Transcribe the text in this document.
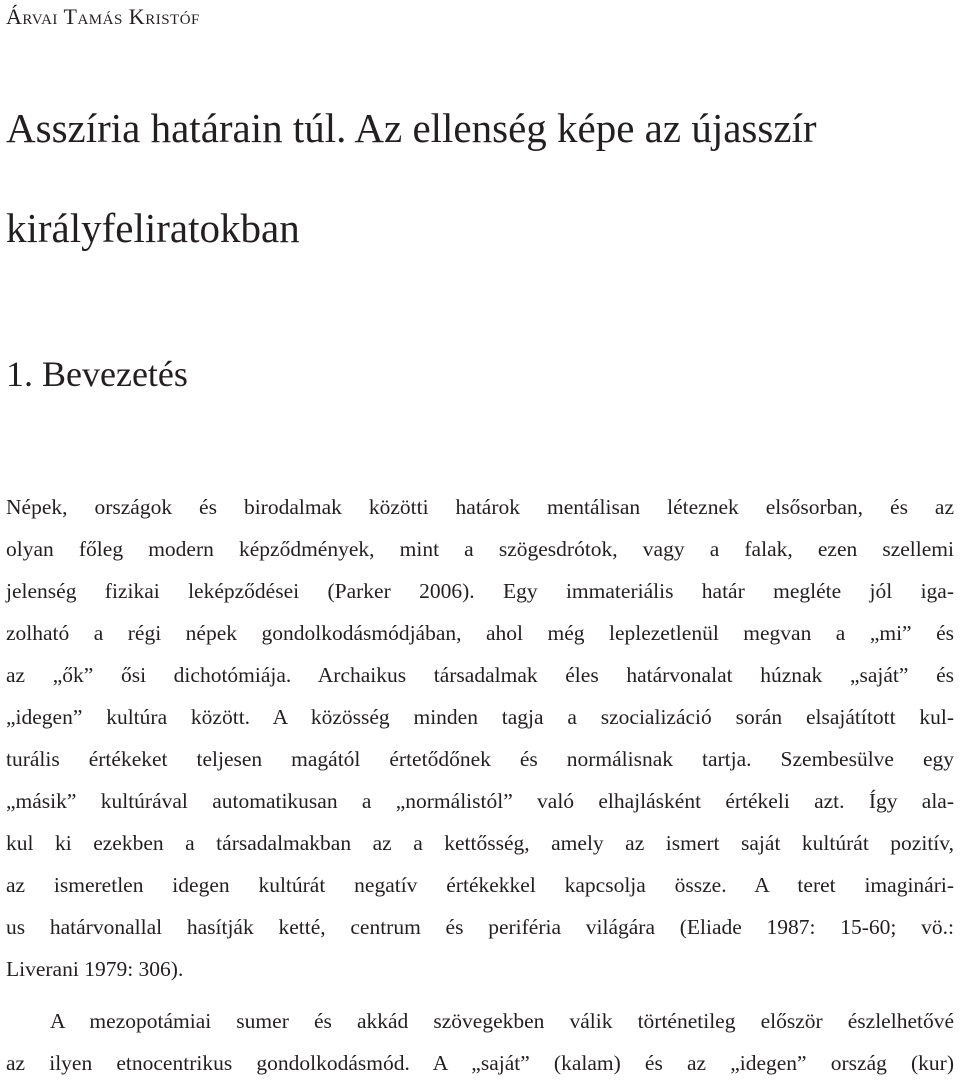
Árvai Tamás Kristóf
Asszíria határain túl. Az ellenség képe az újasszír
királyfeliratokban
1. Bevezetés
Népek, országok és birodalmak közötti határok mentálisan léteznek elsősorban, és az
olyan főleg modern képződmények, mint a szögesdrótok, vagy a falak, ezen szellemi
jelenség fizikai leképződései (Parker 2006). Egy immateriális határ megléte jól iga-
zolható a régi népek gondolkodásmódjában, ahol még leplezetlenül megvan a „mi” és
az „ők” ősi dichotómiája. Archaikus társadalmak éles határvonalat húznak „saját” és
„idegen” kultúra között. A közösség minden tagja a szocializáció során elsajátított kul-
turális értékeket teljesen magától értetődőnek és normálisnak tartja. Szembesülve egy
„másik” kultúrával automatikusan a „normálistól” való elhajlásként értékeli azt. Így ala-
kul ki ezekben a társadalmakban az a kettősség, amely az ismert saját kultúrát pozitív,
az ismeretlen idegen kultúrát negatív értékekkel kapcsolja össze. A teret imaginári-
us határvonallal hasítják ketté, centrum és periféria világára (Eliade 1987: 15-60; vö.:
Liverani 1979: 306).
A mezopotámiai sumer és akkád szövegekben válik történetileg először észlelhetővé
az ilyen etnocentrikus gondolkodásmód. A „saját” (kalam) és az „idegen” ország (kur)
